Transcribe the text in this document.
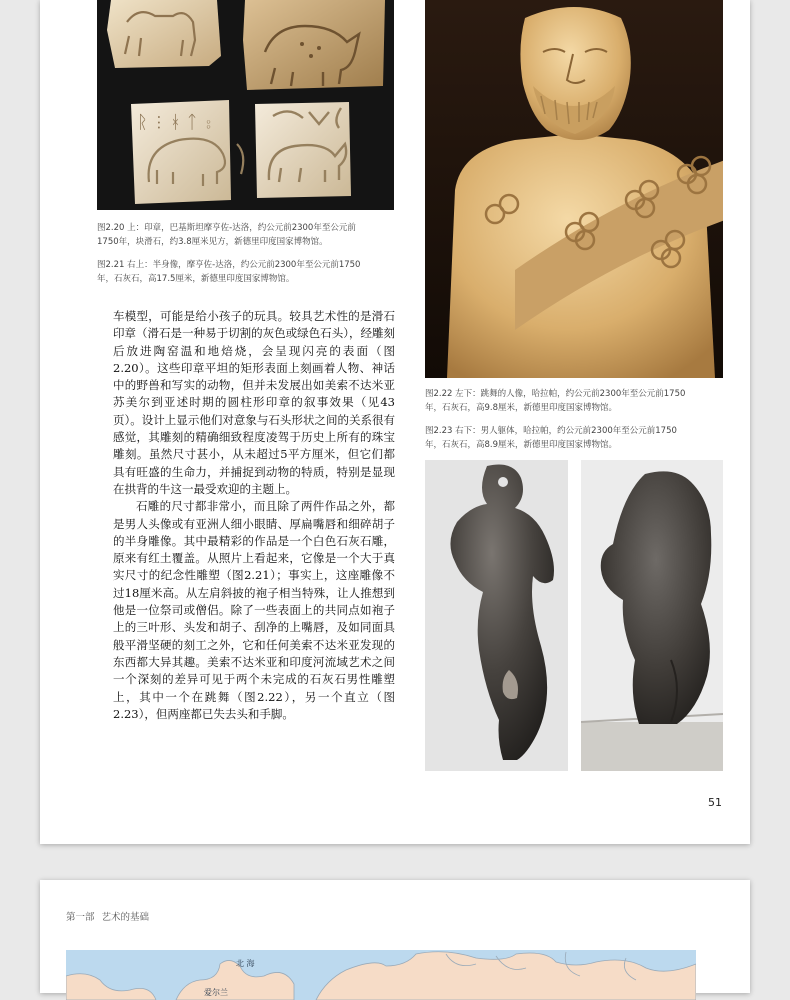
ᚱ ⫶ ᚼ ᛏ ⦂

图2.20 上：印章，巴基斯坦摩亨佐-达洛，约公元前2300年至公元前
1750年，块滑石，约3.8厘米见方，新德里印度国家博物馆。

图2.21 右上：半身像，摩亨佐-达洛，约公元前2300年至公元前1750
年，石灰石，高17.5厘米，新德里印度国家博物馆。

图2.22 左下：跳舞的人像，哈拉帕，约公元前2300年至公元前1750
年，石灰石，高9.8厘米，新德里印度国家博物馆。

图2.23 右下：男人躯体，哈拉帕，约公元前2300年至公元前1750
年，石灰石，高8.9厘米，新德里印度国家博物馆。

车模型，可能是给小孩子的玩具。较具艺术性的是滑石印章（滑石是一种易于切割的灰色或绿色石头），经雕刻后放进陶窑温和地焙烧，会呈现闪亮的表面（图2.20）。这些印章平坦的矩形表面上刻画着人物、神话中的野兽和写实的动物，但并未发展出如美索不达米亚苏美尔到亚述时期的圆柱形印章的叙事效果（见43页）。设计上显示他们对意象与石头形状之间的关系很有感觉，其雕刻的精确细致程度凌驾于历史上所有的珠宝雕刻。虽然尺寸甚小，从未超过5平方厘米，但它们都具有旺盛的生命力，并捕捉到动物的特质，特别是显现在拱背的牛这一最受欢迎的主题上。

石雕的尺寸都非常小，而且除了两件作品之外，都是男人头像或有亚洲人细小眼睛、厚扁嘴唇和细碎胡子的半身雕像。其中最精彩的作品是一个白色石灰石雕，原来有红土覆盖。从照片上看起来，它像是一个大于真实尺寸的纪念性雕塑（图2.21）；事实上，这座雕像不过18厘米高。从左肩斜披的袍子相当特殊，让人推想到他是一位祭司或僧侣。除了一些表面上的共同点如袍子上的三叶形、头发和胡子、刮净的上嘴唇，及如同面具般平滑坚硬的刻工之外，它和任何美索不达米亚发现的东西都大异其趣。美索不达米亚和印度河流域艺术之间一个深刻的差异可见于两个未完成的石灰石男性雕塑上，其中一个在跳舞（图2.22），另一个直立（图2.23），但两座都已失去头和手脚。

51
第一部 艺术的基础
北 海
爱尔兰
